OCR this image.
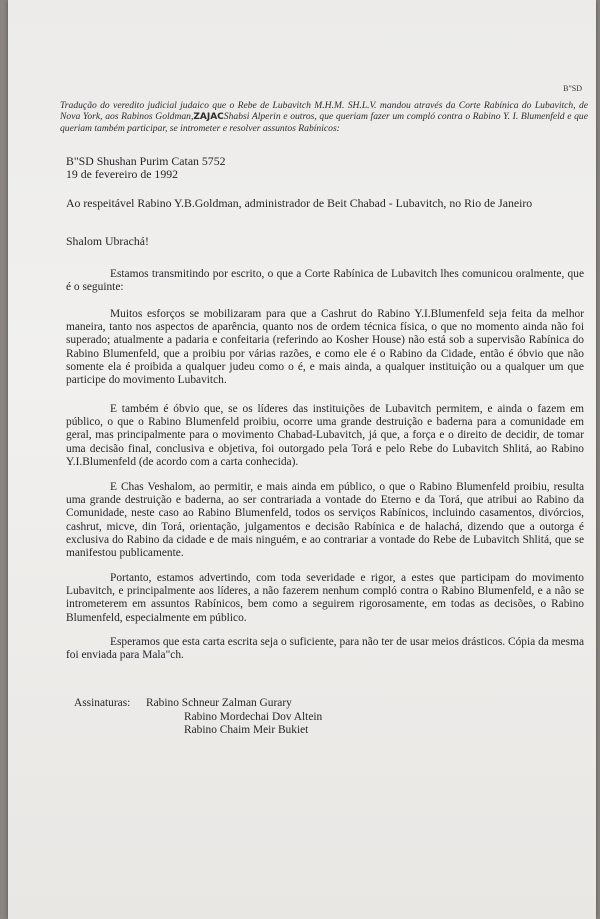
B"SD
Tradução do veredito judicial judaico que o Rebe de Lubavitch M.H.M. SH.L.V. mandou através da Corte Rabínica do Lubavitch, de Nova York, aos Rabinos Goldman,ZAJACShabsi Alperin e outros, que queriam fazer um compló contra o Rabino Y. I. Blumenfeld e que queriam também participar, se intrometer e resolver assuntos Rabínicos:
B"SD Shushan Purim Catan 5752
19 de fevereiro de 1992
Ao respeitável Rabino Y.B.Goldman, administrador de Beit Chabad - Lubavitch, no Rio de Janeiro
Shalom Ubrachá!
Estamos transmitindo por escrito, o que a Corte Rabínica de Lubavitch lhes comunicou oralmente, que é o seguinte:
Muitos esforços se mobilizaram para que a Cashrut do Rabino Y.I.Blumenfeld seja feita da melhor maneira, tanto nos aspectos de aparência, quanto nos de ordem técnica física, o que no momento ainda não foi superado; atualmente a padaria e confeitaria (referindo ao Kosher House) não está sob a supervisão Rabínica do Rabino Blumenfeld, que a proibiu por várias razões, e como ele é o Rabino da Cidade, então é óbvio que não somente ela é proibida a qualquer judeu como o é, e mais ainda, a qualquer instituição ou a qualquer um que participe do movimento Lubavitch.
E também é óbvio que, se os líderes das instituições de Lubavitch permitem, e ainda o fazem em público, o que o Rabino Blumenfeld proibiu, ocorre uma grande destruição e baderna para a comunidade em geral, mas principalmente para o movimento Chabad-Lubavitch, já que, a força e o direito de decidir, de tomar uma decisão final, conclusiva e objetiva, foi outorgado pela Torá e pelo Rebe do Lubavitch Shlitá, ao Rabino Y.I.Blumenfeld (de acordo com a carta conhecida).
E Chas Veshalom, ao permitir, e mais ainda em público, o que o Rabino Blumenfeld proibiu, resulta uma grande destruição e baderna, ao ser contrariada a vontade do Eterno e da Torá, que atribui ao Rabino da Comunidade, neste caso ao Rabino Blumenfeld, todos os serviços Rabínicos, incluindo casamentos, divórcios, cashrut, micve, din Torá, orientação, julgamentos e decisão Rabínica e de halachá, dizendo que a outorga é exclusiva do Rabino da cidade e de mais ninguém, e ao contrariar a vontade do Rebe de Lubavitch Shlitá, que se manifestou publicamente.
Portanto, estamos advertindo, com toda severidade e rigor, a estes que participam do movimento Lubavitch, e principalmente aos líderes, a não fazerem nenhum compló contra o Rabino Blumenfeld, e a não se intrometerem em assuntos Rabínicos, bem como a seguirem rigorosamente, em todas as decisões, o Rabino Blumenfeld, especialmente em público.
Esperamos que esta carta escrita seja o suficiente, para não ter de usar meios drásticos. Cópia da mesma foi enviada para Mala"ch.
Assinaturas: Rabino Schneur Zalman Gurary
Rabino Mordechai Dov Altein
Rabino Chaim Meir Bukiet
